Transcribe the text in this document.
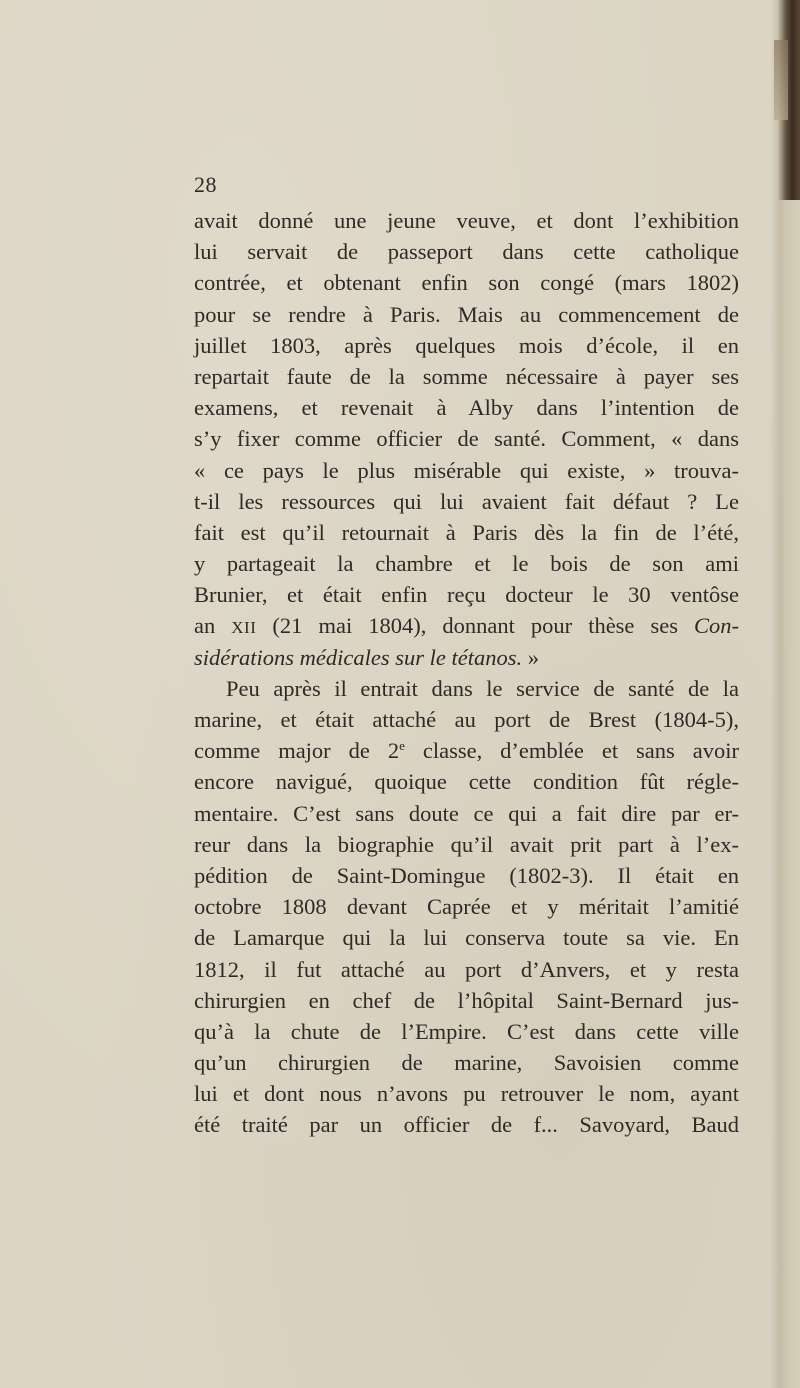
28
avait donné une jeune veuve, et dont l’exhibition
lui servait de passeport dans cette catholique
contrée, et obtenant enfin son congé (mars 1802)
pour se rendre à Paris. Mais au commencement de
juillet 1803, après quelques mois d’école, il en
repartait faute de la somme nécessaire à payer ses
examens, et revenait à Alby dans l’intention de
s’y fixer comme officier de santé. Comment, « dans
« ce pays le plus misérable qui existe, » trouva-
t-il les ressources qui lui avaient fait défaut ? Le
fait est qu’il retournait à Paris dès la fin de l’été,
y partageait la chambre et le bois de son ami
Brunier, et était enfin reçu docteur le 30 ventôse
an XII (21 mai 1804), donnant pour thèse ses Con-
sidérations médicales sur le tétanos. »
Peu après il entrait dans le service de santé de la
marine, et était attaché au port de Brest (1804-5),
comme major de 2e classe, d’emblée et sans avoir
encore navigué, quoique cette condition fût régle-
mentaire. C’est sans doute ce qui a fait dire par er-
reur dans la biographie qu’il avait prit part à l’ex-
pédition de Saint-Domingue (1802-3). Il était en
octobre 1808 devant Caprée et y méritait l’amitié
de Lamarque qui la lui conserva toute sa vie. En
1812, il fut attaché au port d’Anvers, et y resta
chirurgien en chef de l’hôpital Saint-Bernard jus-
qu’à la chute de l’Empire. C’est dans cette ville
qu’un chirurgien de marine, Savoisien comme
lui et dont nous n’avons pu retrouver le nom, ayant
été traité par un officier de f... Savoyard, Baud
